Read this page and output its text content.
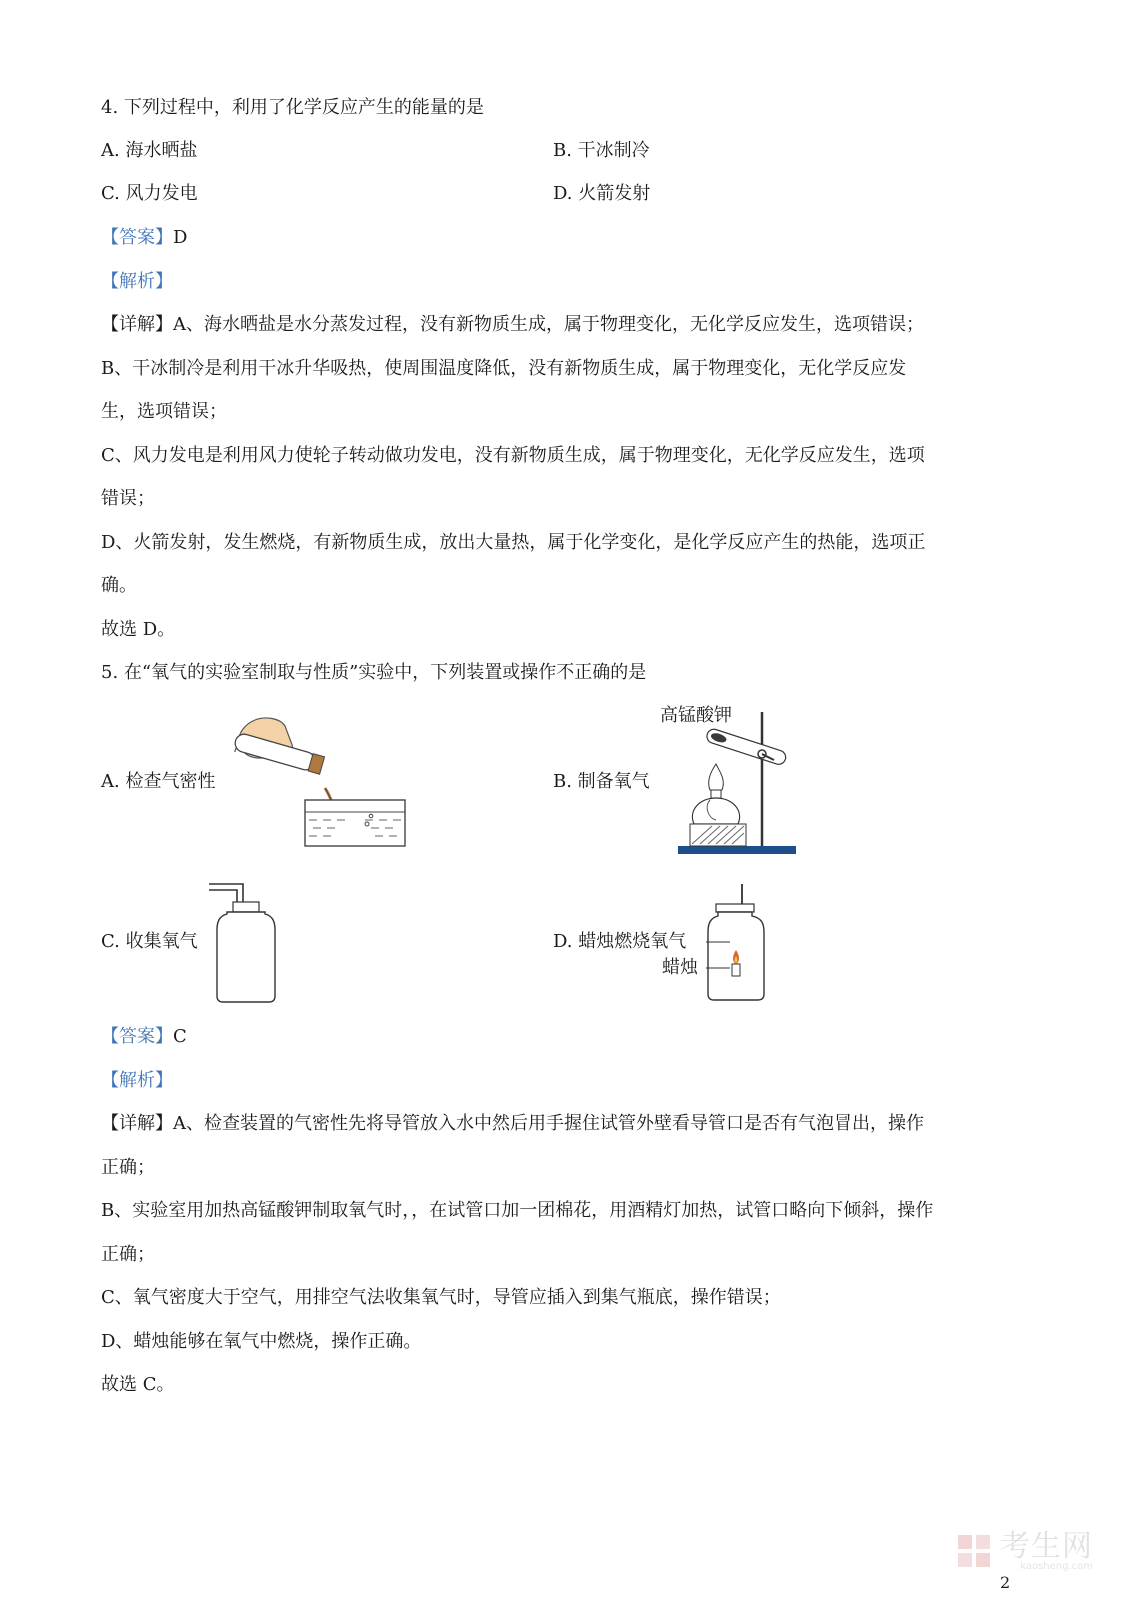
4. 下列过程中，利用了化学反应产生的能量的是
A. 海水晒盐	B. 干冰制冷
C. 风力发电	D. 火箭发射
【答案】D
【解析】
【详解】A、海水晒盐是水分蒸发过程，没有新物质生成，属于物理变化，无化学反应发生，选项错误；
B、干冰制冷是利用干冰升华吸热，使周围温度降低，没有新物质生成，属于物理变化，无化学反应发
生，选项错误；
C、风力发电是利用风力使轮子转动做功发电，没有新物质生成，属于物理变化，无化学反应发生，选项
错误；
D、火箭发射，发生燃烧，有新物质生成，放出大量热，属于化学变化，是化学反应产生的热能，选项正
确。
故选 D。
5. 在“氧气的实验室制取与性质”实验中，下列装置或操作不正确的是
A. 检查气密性	B. 制备氧气
C. 收集氧气	D. 蜡烛燃烧氧气
高锰酸钾
蜡烛
【答案】C
【解析】
【详解】A、检查装置的气密性先将导管放入水中然后用手握住试管外壁看导管口是否有气泡冒出，操作
正确；
B、实验室用加热高锰酸钾制取氧气时，，在试管口加一团棉花，用酒精灯加热，试管口略向下倾斜，操作
正确；
C、氧气密度大于空气，用排空气法收集氧气时，导管应插入到集气瓶底，操作错误；
D、蜡烛能够在氧气中燃烧，操作正确。
故选 C。
考生网
kaosheng.com
2
